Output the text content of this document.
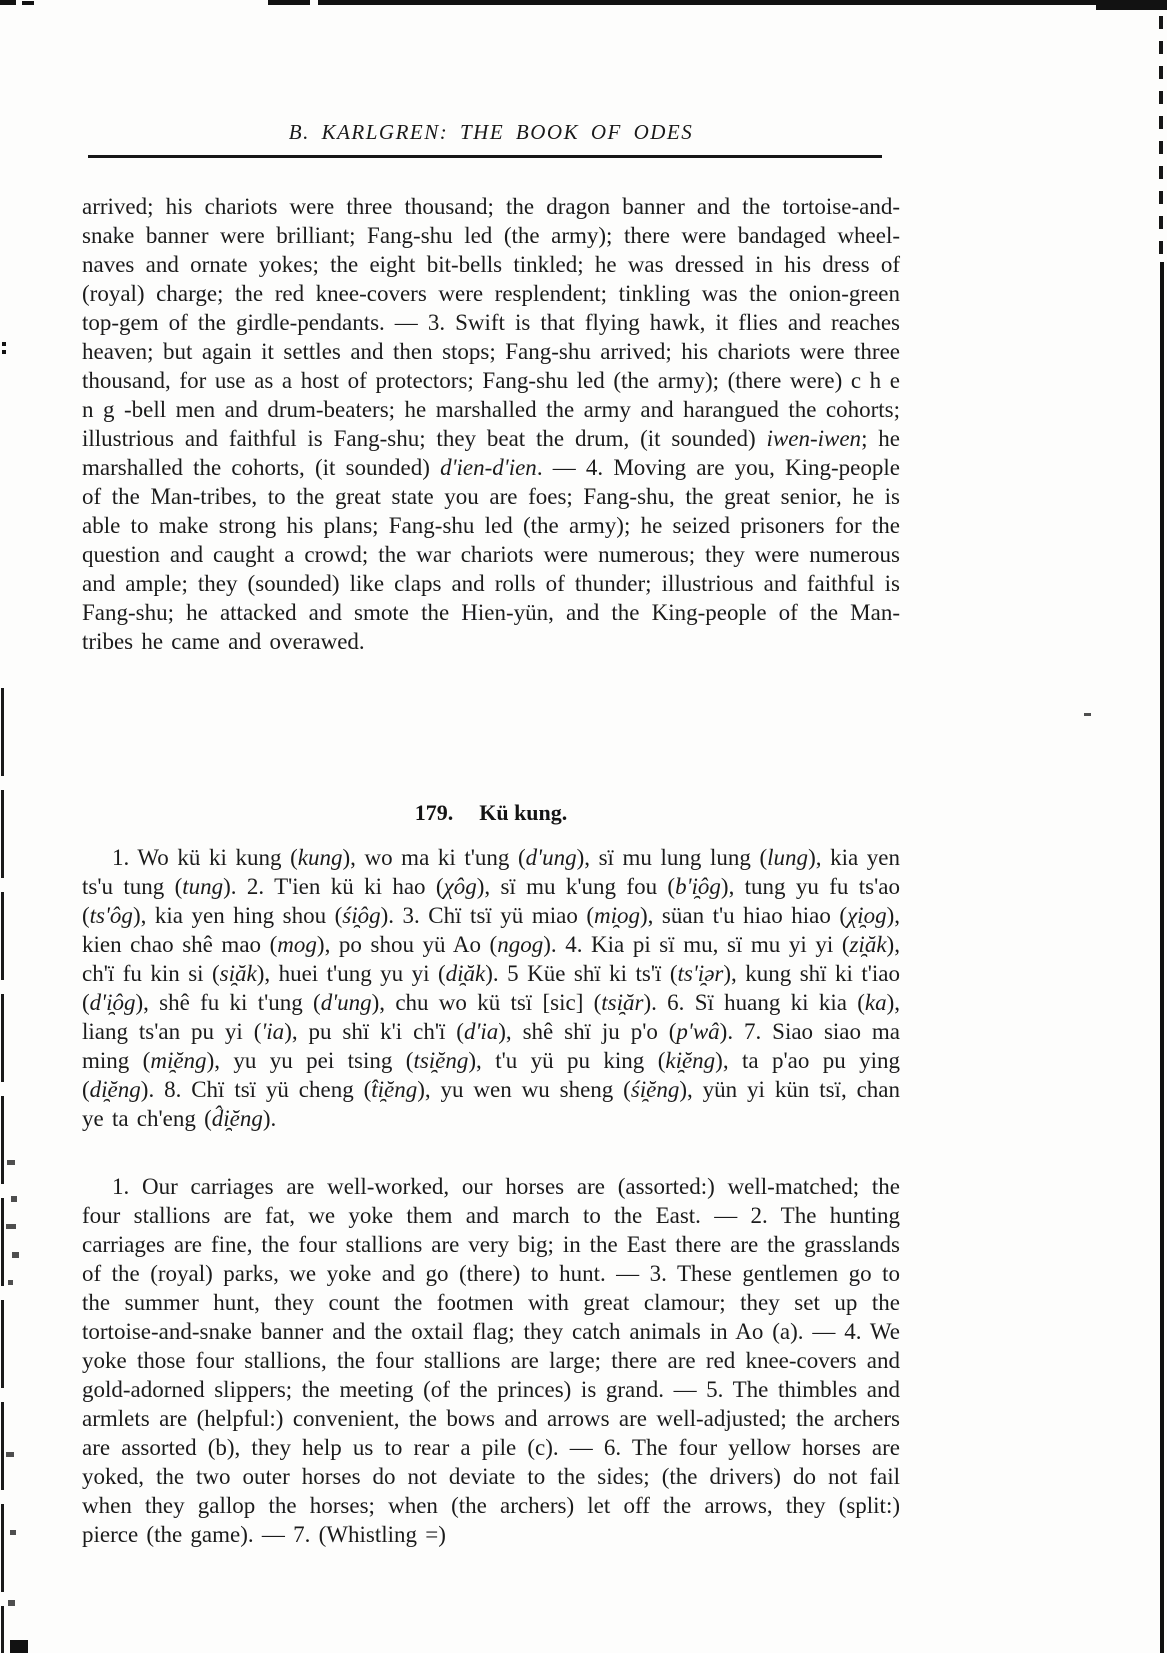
B. KARLGREN: THE BOOK OF ODES

arrived; his chariots were three thousand; the dragon banner and the tortoise-and-snake banner were brilliant; Fang-shu led (the army); there were bandaged wheel-naves and ornate yokes; the eight bit-bells tinkled; he was dressed in his dress of (royal) charge; the red knee-covers were resplendent; tinkling was the onion-green top-gem of the girdle-pendants. — 3. Swift is that flying hawk, it flies and reaches heaven; but again it settles and then stops; Fang-shu arrived; his chariots were three thousand, for use as a host of protectors; Fang-shu led (the army); (there were) c h e n g -bell men and drum-beaters; he marshalled the army and harangued the cohorts; illustrious and faithful is Fang-shu; they beat the drum, (it sounded) iwen-iwen; he marshalled the cohorts, (it sounded) d'ien-d'ien. — 4. Moving are you, King-people of the Man-tribes, to the great state you are foes; Fang-shu, the great senior, he is able to make strong his plans; Fang-shu led (the army); he seized prisoners for the question and caught a crowd; the war chariots were numerous; they were numerous and ample; they (sounded) like claps and rolls of thunder; illustrious and faithful is Fang-shu; he attacked and smote the Hien-yün, and the King-people of the Man-tribes he came and overawed.

179. Kü kung.

1. Wo kü ki kung (kung), wo ma ki t'ung (d'ung), sï mu lung lung (lung), kia yen ts'u tung (tung). 2. T'ien kü ki hao (χôg), sï mu k'ung fou (b'i̯ôg), tung yu fu ts'ao (ts'ôg), kia yen hing shou (śi̯ôg). 3. Chï tsï yü miao (mi̯og), süan t'u hiao hiao (χi̯og), kien chao shê mao (mog), po shou yü Ao (ngog). 4. Kia pi sï mu, sï mu yi yi (zi̯ăk), ch'ï fu kin si (si̯ăk), huei t'ung yu yi (di̯ăk). 5 Küe shï ki ts'ï (ts'i̯ər), kung shï ki t'iao (d'i̯ôg), shê fu ki t'ung (d'ung), chu wo kü tsï [sic] (tsi̯ăr). 6. Sï huang ki kia (ka), liang ts'an pu yi ('ia), pu shï k'i ch'ï (d'ia), shê shï ju p'o (p'wâ). 7. Siao siao ma ming (mi̯ĕng), yu yu pei tsing (tsi̯ĕng), t'u yü pu king (ki̯ĕng), ta p'ao pu ying (di̯ĕng). 8. Chï tsï yü cheng (t̂i̯ĕng), yu wen wu sheng (śi̯ĕng), yün yi kün tsï, chan ye ta ch'eng (d̂i̯ĕng).

1. Our carriages are well-worked, our horses are (assorted:) well-matched; the four stallions are fat, we yoke them and march to the East. — 2. The hunting carriages are fine, the four stallions are very big; in the East there are the grasslands of the (royal) parks, we yoke and go (there) to hunt. — 3. These gentlemen go to the summer hunt, they count the footmen with great clamour; they set up the tortoise-and-snake banner and the oxtail flag; they catch animals in Ao (a). — 4. We yoke those four stallions, the four stallions are large; there are red knee-covers and gold-adorned slippers; the meeting (of the princes) is grand. — 5. The thimbles and armlets are (helpful:) convenient, the bows and arrows are well-adjusted; the archers are assorted (b), they help us to rear a pile (c). — 6. The four yellow horses are yoked, the two outer horses do not deviate to the sides; (the drivers) do not fail when they gallop the horses; when (the archers) let off the arrows, they (split:) pierce (the game). — 7. (Whistling =)
